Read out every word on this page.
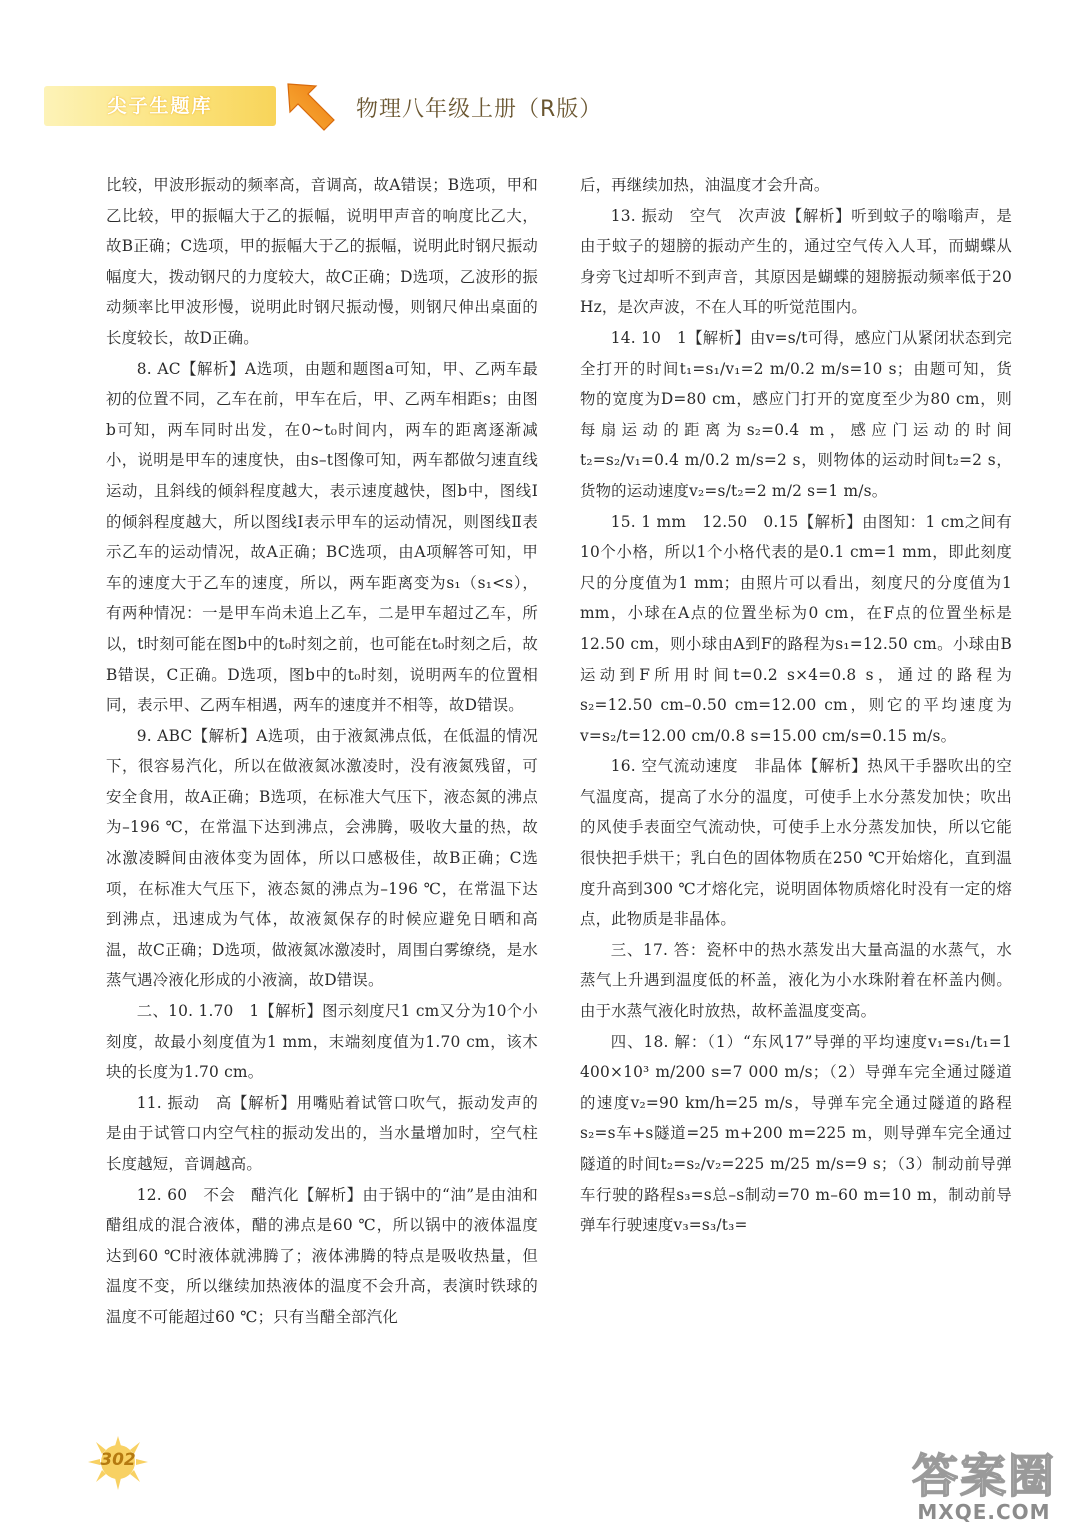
尖子生题库	物理八年级上册（R版）

比较，甲波形振动的频率高，音调高，故A错误；B选项，甲和乙比较，甲的振幅大于乙的振幅，说明甲声音的响度比乙大，故B正确；C选项，甲的振幅大于乙的振幅，说明此时钢尺振动幅度大，拨动钢尺的力度较大，故C正确；D选项，乙波形的振动频率比甲波形慢，说明此时钢尺振动慢，则钢尺伸出桌面的长度较长，故D正确。

8. AC【解析】A选项，由题和题图a可知，甲、乙两车最初的位置不同，乙车在前，甲车在后，甲、乙两车相距s；由图b可知，两车同时出发，在0~t₀时间内，两车的距离逐渐减小，说明是甲车的速度快，由s–t图像可知，两车都做匀速直线运动，且斜线的倾斜程度越大，表示速度越快，图b中，图线Ⅰ的倾斜程度越大，所以图线Ⅰ表示甲车的运动情况，则图线Ⅱ表示乙车的运动情况，故A正确；BC选项，由A项解答可知，甲车的速度大于乙车的速度，所以，两车距离变为s₁（s₁<s），有两种情况：一是甲车尚未追上乙车，二是甲车超过乙车，所以，t时刻可能在图b中的t₀时刻之前，也可能在t₀时刻之后，故B错误，C正确。D选项，图b中的t₀时刻，说明两车的位置相同，表示甲、乙两车相遇，两车的速度并不相等，故D错误。

9. ABC【解析】A选项，由于液氮沸点低，在低温的情况下，很容易汽化，所以在做液氮冰激凌时，没有液氮残留，可安全食用，故A正确；B选项，在标准大气压下，液态氮的沸点为–196 ℃，在常温下达到沸点，会沸腾，吸收大量的热，故冰激凌瞬间由液体变为固体，所以口感极佳，故B正确；C选项，在标准大气压下，液态氮的沸点为–196 ℃，在常温下达到沸点，迅速成为气体，故液氮保存的时候应避免日晒和高温，故C正确；D选项，做液氮冰激凌时，周围白雾缭绕，是水蒸气遇冷液化形成的小液滴，故D错误。

二、10. 1.70　1【解析】图示刻度尺1 cm又分为10个小刻度，故最小刻度值为1 mm，末端刻度值为1.70 cm，该木块的长度为1.70 cm。

11. 振动　高【解析】用嘴贴着试管口吹气，振动发声的是由于试管口内空气柱的振动发出的，当水量增加时，空气柱长度越短，音调越高。

12. 60　不会　醋汽化【解析】由于锅中的“油”是由油和醋组成的混合液体，醋的沸点是60 ℃，所以锅中的液体温度达到60 ℃时液体就沸腾了；液体沸腾的特点是吸收热量，但温度不变，所以继续加热液体的温度不会升高，表演时铁球的温度不可能超过60 ℃；只有当醋全部汽化

后，再继续加热，油温度才会升高。

13. 振动　空气　次声波【解析】听到蚊子的嗡嗡声，是由于蚊子的翅膀的振动产生的，通过空气传入人耳，而蝴蝶从身旁飞过却听不到声音，其原因是蝴蝶的翅膀振动频率低于20 Hz，是次声波，不在人耳的听觉范围内。

14. 10　1【解析】由v=s/t可得，感应门从紧闭状态到完全打开的时间t₁=s₁/v₁=2 m/0.2 m/s=10 s；由题可知，货物的宽度为D=80 cm，感应门打开的宽度至少为80 cm，则每扇运动的距离为s₂=0.4 m，感应门运动的时间t₂=s₂/v₁=0.4 m/0.2 m/s=2 s，则物体的运动时间t₂=2 s，货物的运动速度v₂=s/t₂=2 m/2 s=1 m/s。

15. 1 mm　12.50　0.15【解析】由图知：1 cm之间有10个小格，所以1个小格代表的是0.1 cm=1 mm，即此刻度尺的分度值为1 mm；由照片可以看出，刻度尺的分度值为1 mm，小球在A点的位置坐标为0 cm，在F点的位置坐标是12.50 cm，则小球由A到F的路程为s₁=12.50 cm。小球由B运动到F所用时间t=0.2 s×4=0.8 s，通过的路程为s₂=12.50 cm–0.50 cm=12.00 cm，则它的平均速度为v=s₂/t=12.00 cm/0.8 s=15.00 cm/s=0.15 m/s。

16. 空气流动速度　非晶体【解析】热风干手器吹出的空气温度高，提高了水分的温度，可使手上水分蒸发加快；吹出的风使手表面空气流动快，可使手上水分蒸发加快，所以它能很快把手烘干；乳白色的固体物质在250 ℃开始熔化，直到温度升高到300 ℃才熔化完，说明固体物质熔化时没有一定的熔点，此物质是非晶体。

三、17. 答：瓷杯中的热水蒸发出大量高温的水蒸气，水蒸气上升遇到温度低的杯盖，液化为小水珠附着在杯盖内侧。由于水蒸气液化时放热，故杯盖温度变高。

四、18. 解：（1）“东风17”导弹的平均速度v₁=s₁/t₁=1 400×10³ m/200 s=7 000 m/s；（2）导弹车完全通过隧道的速度v₂=90 km/h=25 m/s，导弹车完全通过隧道的路程s₂=s车+s隧道=25 m+200 m=225 m，则导弹车完全通过隧道的时间t₂=s₂/v₂=225 m/25 m/s=9 s；（3）制动前导弹车行驶的路程s₃=s总–s制动=70 m–60 m=10 m，制动前导弹车行驶速度v₃=s₃/t₃=

302	答案圈
MXQE.COM
